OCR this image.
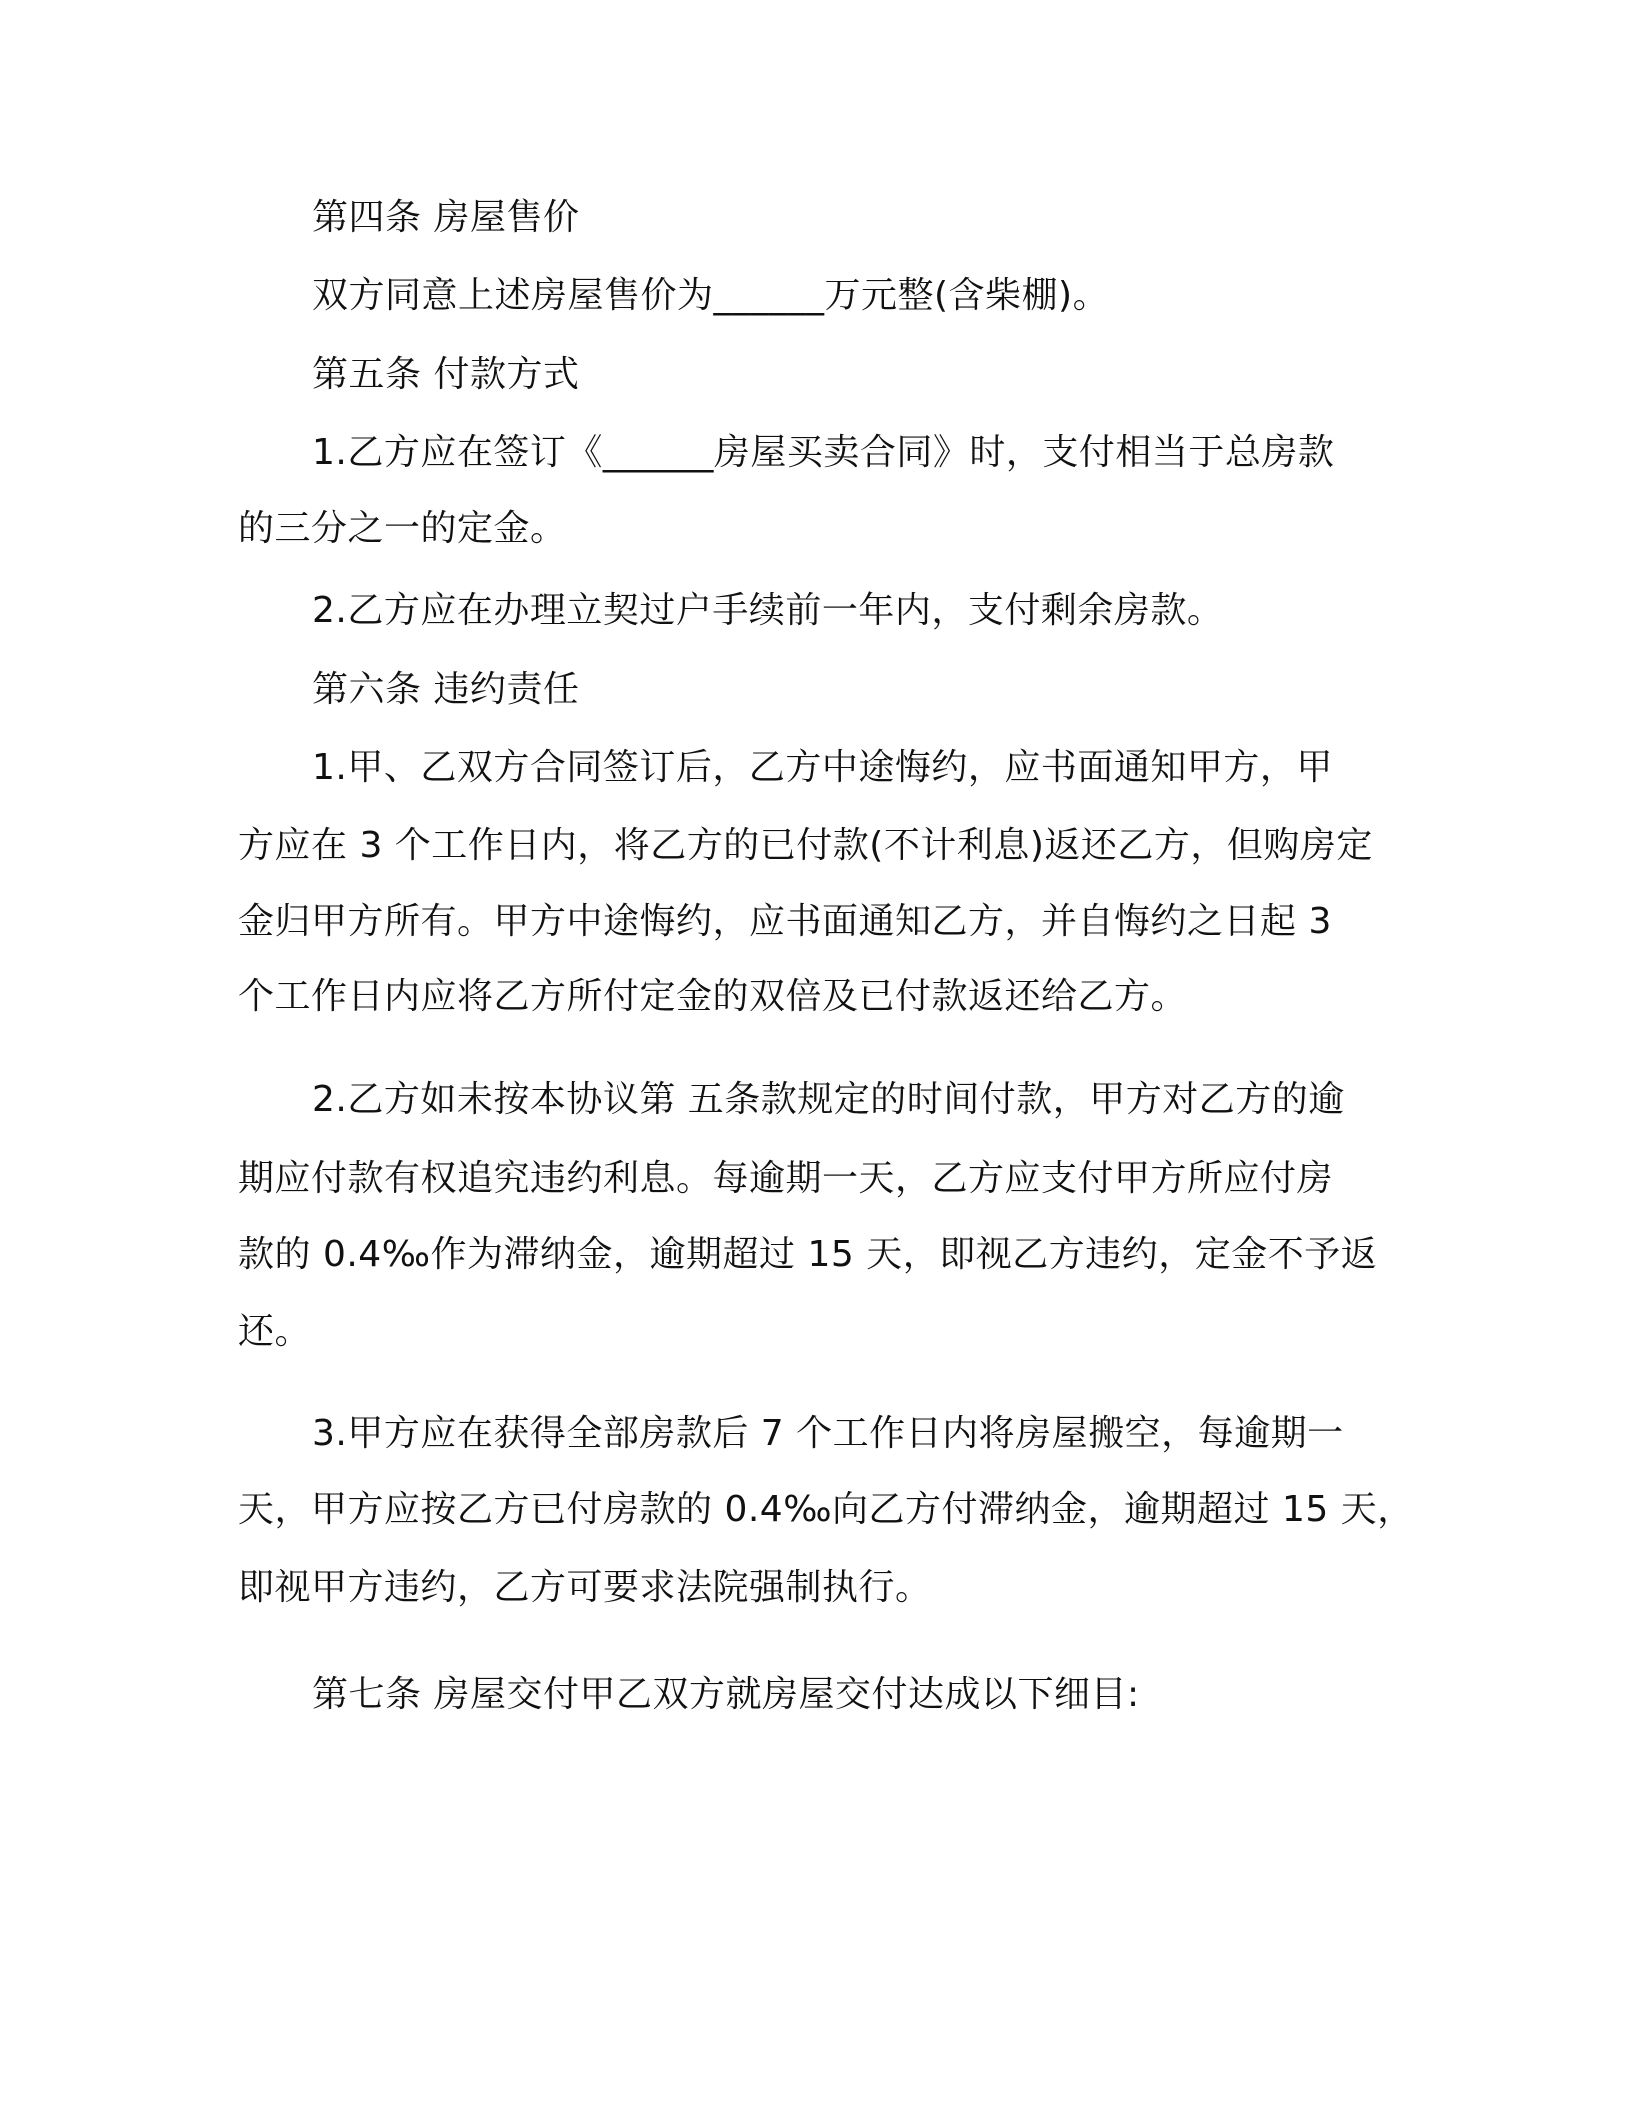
第四条 房屋售价
双方同意上述房屋售价为______万元整(含柴棚)。
第五条 付款方式
1.乙方应在签订《______房屋买卖合同》时，支付相当于总房款
的三分之一的定金。
2.乙方应在办理立契过户手续前一年内，支付剩余房款。
第六条 违约责任
1.甲、乙双方合同签订后，乙方中途悔约，应书面通知甲方，甲
方应在 3 个工作日内，将乙方的已付款(不计利息)返还乙方，但购房定
金归甲方所有。甲方中途悔约，应书面通知乙方，并自悔约之日起 3
个工作日内应将乙方所付定金的双倍及已付款返还给乙方。
2.乙方如未按本协议第 五条款规定的时间付款，甲方对乙方的逾
期应付款有权追究违约利息。每逾期一天，乙方应支付甲方所应付房
款的 0.4‰作为滞纳金，逾期超过 15 天，即视乙方违约，定金不予返
还。
3.甲方应在获得全部房款后 7 个工作日内将房屋搬空，每逾期一
天，甲方应按乙方已付房款的 0.4‰向乙方付滞纳金，逾期超过 15 天，
即视甲方违约，乙方可要求法院强制执行。
第七条 房屋交付甲乙双方就房屋交付达成以下细目:
